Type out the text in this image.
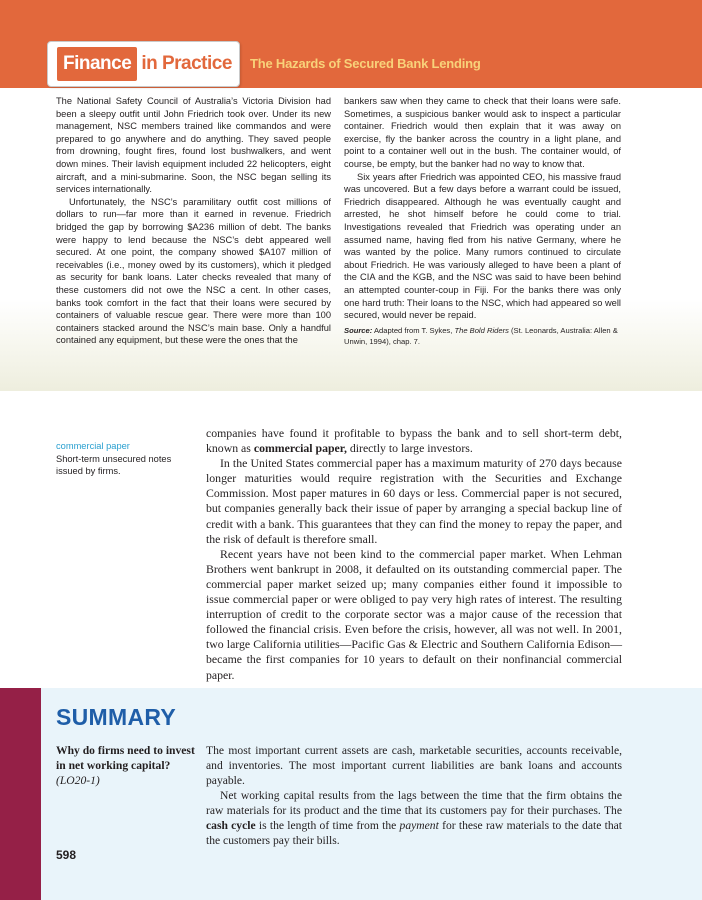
Finance in Practice The Hazards of Secured Bank Lending

The National Safety Council of Australia’s Victoria Division had been a sleepy outfit until John Friedrich took over. Under its new management, NSC members trained like commandos and were prepared to go anywhere and do anything. They saved people from drowning, fought fires, found lost bushwalkers, and went down mines. Their lavish equipment included 22 helicopters, eight aircraft, and a mini-submarine. Soon, the NSC began selling its services internationally.

Unfortunately, the NSC’s paramilitary outfit cost millions of dollars to run—far more than it earned in revenue. Friedrich bridged the gap by borrowing $A236 million of debt. The banks were happy to lend because the NSC’s debt appeared well secured. At one point, the company showed $A107 million of receivables (i.e., money owed by its customers), which it pledged as security for bank loans. Later checks revealed that many of these customers did not owe the NSC a cent. In other cases, banks took comfort in the fact that their loans were secured by containers of valuable rescue gear. There were more than 100 containers stacked around the NSC’s main base. Only a handful contained any equipment, but these were the ones that the

bankers saw when they came to check that their loans were safe. Sometimes, a suspicious banker would ask to inspect a particular container. Friedrich would then explain that it was away on exercise, fly the banker across the country in a light plane, and point to a container well out in the bush. The container would, of course, be empty, but the banker had no way to know that.

Six years after Friedrich was appointed CEO, his massive fraud was uncovered. But a few days before a warrant could be issued, Friedrich disappeared. Although he was eventually caught and arrested, he shot himself before he could come to trial. Investigations revealed that Friedrich was operating under an assumed name, having fled from his native Germany, where he was wanted by the police. Many rumors continued to circulate about Friedrich. He was variously alleged to have been a plant of the CIA and the KGB, and the NSC was said to have been behind an attempted counter-coup in Fiji. For the banks there was only one hard truth: Their loans to the NSC, which had appeared so well secured, would never be repaid.

Source: Adapted from T. Sykes, The Bold Riders (St. Leonards, Australia: Allen & Unwin, 1994), chap. 7.

commercial paper
Short-term unsecured notes issued by firms.

companies have found it profitable to bypass the bank and to sell short-term debt, known as commercial paper, directly to large investors.

In the United States commercial paper has a maximum maturity of 270 days because longer maturities would require registration with the Securities and Exchange Commission. Most paper matures in 60 days or less. Commercial paper is not secured, but companies generally back their issue of paper by arranging a special backup line of credit with a bank. This guarantees that they can find the money to repay the paper, and the risk of default is therefore small.

Recent years have not been kind to the commercial paper market. When Lehman Brothers went bankrupt in 2008, it defaulted on its outstanding commercial paper. The commercial paper market seized up; many companies either found it impossible to issue commercial paper or were obliged to pay very high rates of interest. The resulting interruption of credit to the corporate sector was a major cause of the recession that followed the financial crisis. Even before the crisis, however, all was not well. In 2001, two large California utilities—Pacific Gas & Electric and Southern California Edison—became the first companies for 10 years to default on their nonfinancial commercial paper.

SUMMARY
Why do firms need to invest in net working capital?
(LO20-1)

The most important current assets are cash, marketable securities, accounts receivable, and inventories. The most important current liabilities are bank loans and accounts payable.

Net working capital results from the lags between the time that the firm obtains the raw materials for its product and the time that its customers pay for their purchases. The cash cycle is the length of time from the payment for these raw materials to the date that the customers pay their bills.

598
